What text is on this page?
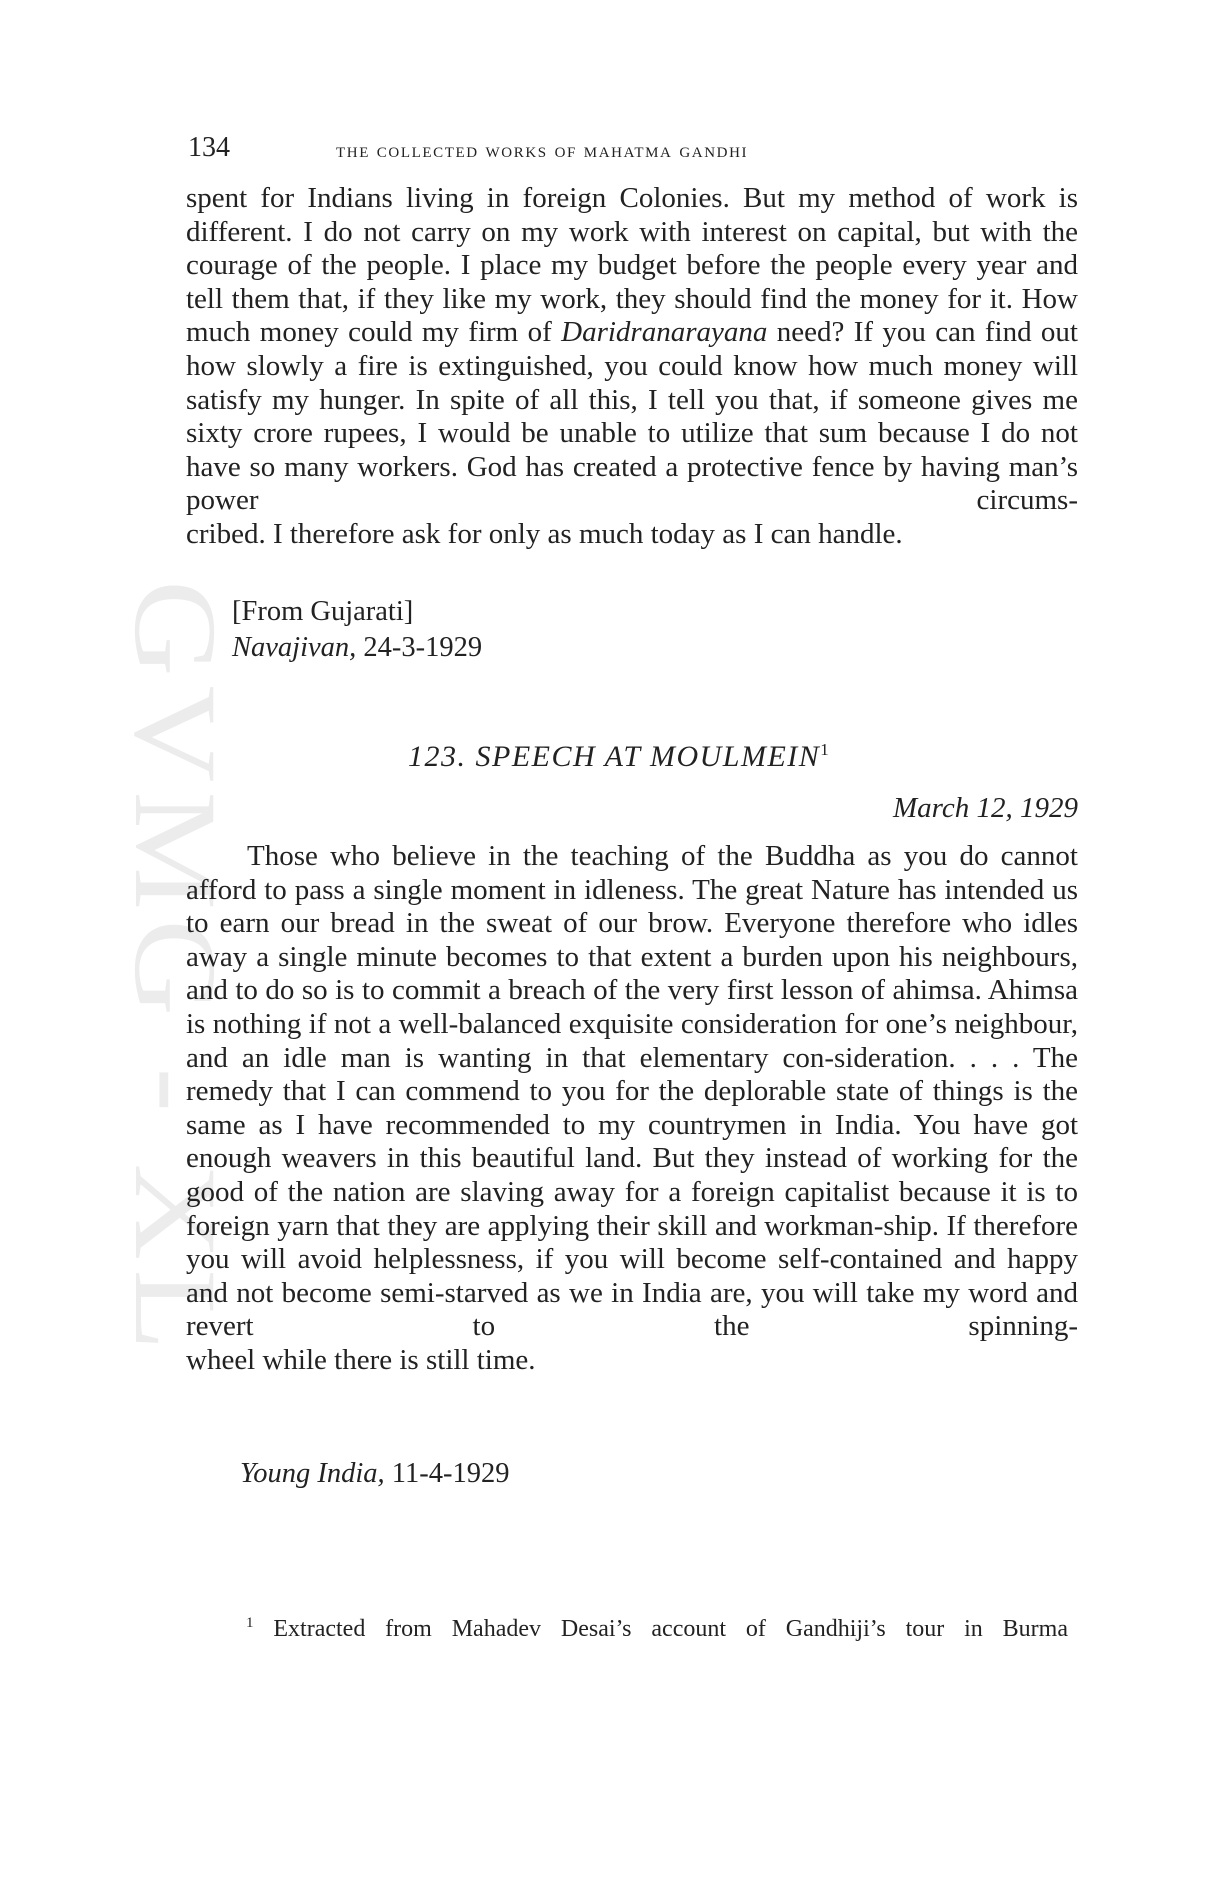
GVMG - XL
134	the collected works of mahatma gandhi

spent for Indians living in foreign Colonies. But my method of work is different. I do not carry on my work with interest on capital, but with the courage of the people. I place my budget before the people every year and tell them that, if they like my work, they should find the money for it. How much money could my firm of Daridranarayana need? If you can find out how slowly a fire is extinguished, you could know how much money will satisfy my hunger. In spite of all this, I tell you that, if someone gives me sixty crore rupees, I would be unable to utilize that sum because I do not have so many workers. God has created a protective fence by having man’s power circums-
cribed. I therefore ask for only as much today as I can handle.

[From Gujarati]
Navajivan, 24-3-1929
123. SPEECH AT MOULMEIN$^1$
March 12, 1929

Those who believe in the teaching of the Buddha as you do cannot afford to pass a single moment in idleness. The great Nature has intended us to earn our bread in the sweat of our brow. Everyone therefore who idles away a single minute becomes to that extent a burden upon his neighbours, and to do so is to commit a breach of the very first lesson of ahimsa. Ahimsa is nothing if not a well-balanced exquisite consideration for one’s neighbour, and an idle man is wanting in that elementary con-sideration. . . . The remedy that I can commend to you for the deplorable state of things is the same as I have recommended to my countrymen in India. You have got enough weavers in this beautiful land. But they instead of working for the good of the nation are slaving away for a foreign capitalist because it is to foreign yarn that they are applying their skill and workman-ship. If therefore you will avoid helplessness, if you will become self-contained and happy and not become semi-starved as we in India are, you will take my word and revert to the spinning-
wheel while there is still time.

Young India, 11-4-1929
$^1$ Extracted from Mahadev Desai’s account of Gandhiji’s tour in Burma
